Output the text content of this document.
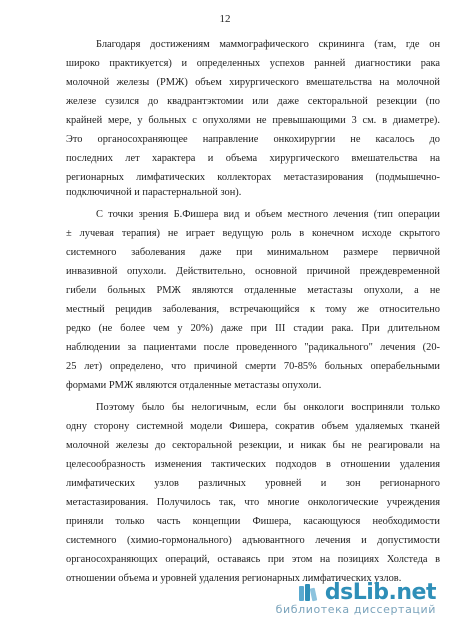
12
Благодаря достижениям маммографического скрининга (там, где он
широко практикуется) и определенных успехов ранней диагностики рака
молочной железы (РМЖ) объем хирургического вмешательства на молочной
железе сузился до квадрантэктомии или даже секторальной резекции (по
крайней мере, у больных с опухолями не превышающими 3 см. в диаметре).
Это органосохраняющее направление онкохирургии не касалось до
последних лет характера и объема хирургического вмешательства на
регионарных лимфатических коллекторах метастазирования (подмышечно-
подключичной и парастернальной зон).
С точки зрения Б.Фишера вид и объем местного лечения (тип операции
± лучевая терапия) не играет ведущую роль в конечном исходе скрытого
системного заболевания даже при минимальном размере первичной
инвазивной опухоли. Действительно, основной причиной преждевременной
гибели больных РМЖ являются отдаленные метастазы опухоли, а не
местный рецидив заболевания, встречающийся к тому же относительно
редко (не более чем у 20%) даже при III стадии рака. При длительном
наблюдении за пациентами после проведенного "радикального" лечения (20-
25 лет) определено, что причиной смерти 70-85% больных операбельными
формами РМЖ являются отдаленные метастазы опухоли.
Поэтому было бы нелогичным, если бы онкологи восприняли только
одну сторону системной модели Фишера, сократив объем удаляемых тканей
молочной железы до секторальной резекции, и никак бы не реагировали на
целесообразность изменения тактических подходов в отношении удаления
лимфатических узлов различных уровней и зон регионарного
метастазирования. Получилось так, что многие онкологические учреждения
приняли только часть концепции Фишера, касающуюся необходимости
системного (химио-гормонального) адъювантного лечения и допустимости
органосохраняющих операций, оставаясь при этом на позициях Холстеда в
отношении объема и уровней удаления регионарных лимфатических узлов.
dsLib.net
библиотека диссертаций
